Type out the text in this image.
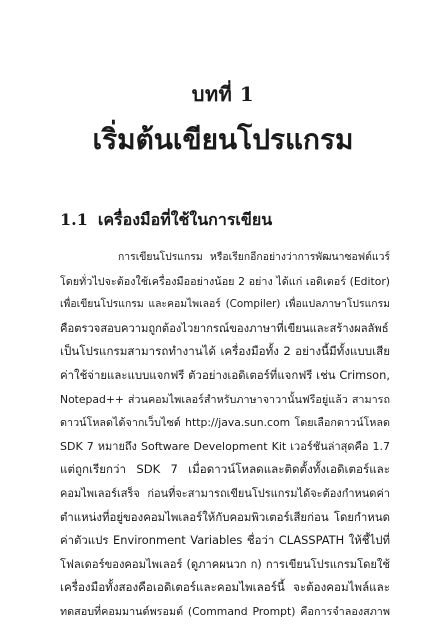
บทที่ 1
เริ่มต้นเขียนโปรแกรม
1.1 เครื่องมือที่ใช้ในการเขียน
การเขียนโปรแกรม หรือเรียกอีกอย่างว่าการพัฒนาซอฟต์แวร์
โดยทั่วไปจะต้องใช้เครื่องมืออย่างน้อย 2 อย่าง ได้แก่ เอดิเตอร์ (Editor)
เพื่อเขียนโปรแกรม และคอมไพเลอร์ (Compiler) เพื่อแปลภาษาโปรแกรม
คือตรวจสอบความถูกต้องไวยากรณ์ของภาษาที่เขียนและสร้างผลลัพธ์
เป็นโปรแกรมสามารถทำงานได้ เครื่องมือทั้ง 2 อย่างนี้มีทั้งแบบเสีย
ค่าใช้จ่ายและแบบแจกฟรี ตัวอย่างเอดิเตอร์ที่แจกฟรี เช่น Crimson,
Notepad++ ส่วนคอมไพเลอร์สำหรับภาษาจาวานั้นฟรีอยู่แล้ว สามารถ
ดาวน์โหลดได้จากเว็บไซต์ http://java.sun.com โดยเลือกดาวน์โหลด
SDK 7 หมายถึง Software Development Kit เวอร์ชันล่าสุดคือ 1.7
แต่ถูกเรียกว่า SDK 7 เมื่อดาวน์โหลดและติดตั้งทั้งเอดิเตอร์และ
คอมไพเลอร์เสร็จ ก่อนที่จะสามารถเขียนโปรแกรมได้จะต้องกำหนดค่า
ตำแหน่งที่อยู่ของคอมไพเลอร์ให้กับคอมพิวเตอร์เสียก่อน โดยกำหนด
ค่าตัวแปร Environment Variables ชื่อว่า CLASSPATH ให้ชี้ไปที่
โฟลเดอร์ของคอมไพเลอร์ (ดูภาคผนวก ก) การเขียนโปรแกรมโดยใช้
เครื่องมือทั้งสองคือเอดิเตอร์และคอมไพเลอร์นี้ จะต้องคอมไพล์และ
ทดสอบที่คอมมานด์พรอมต์ (Command Prompt) คือการจำลองสภาพ
